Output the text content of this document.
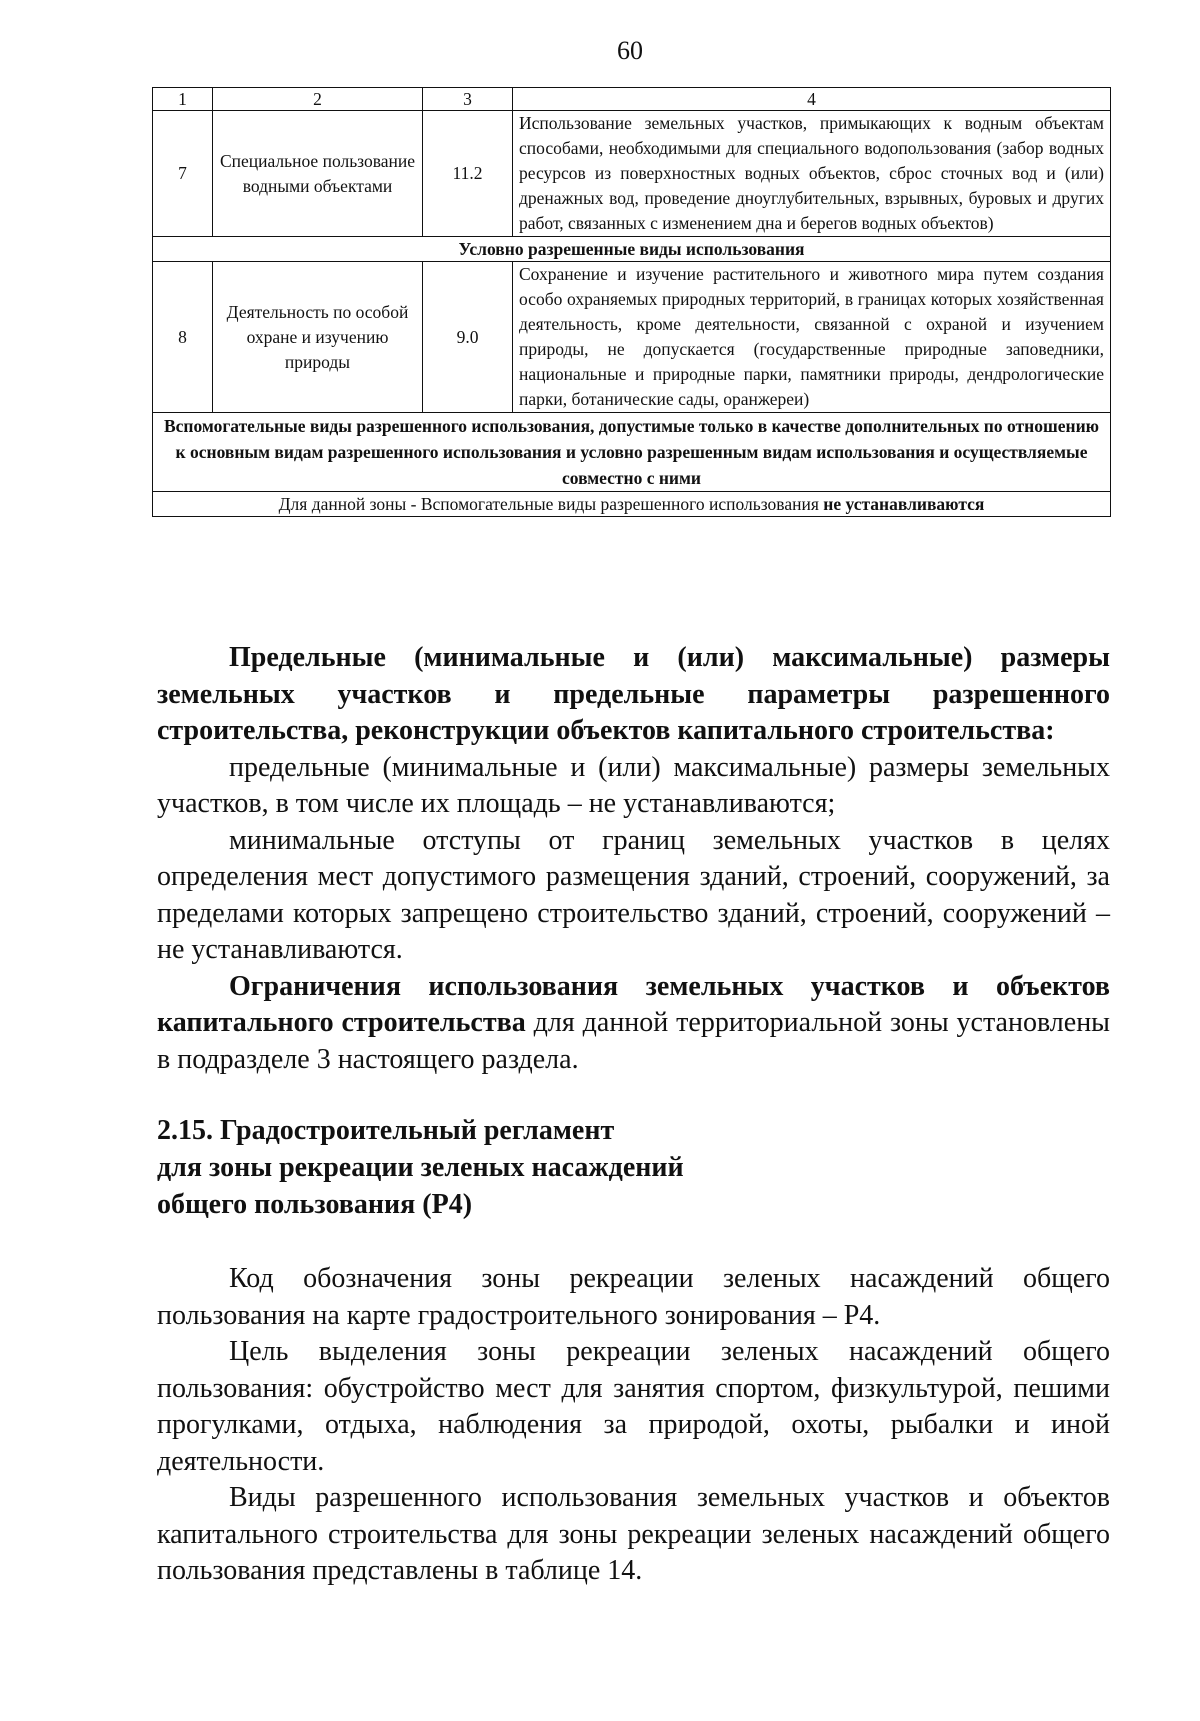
60
1	2	3	4
7	Специальное пользование водными объектами	11.2	Использование земельных участков, примыкающих к водным объектам способами, необходимыми для специального водопользования (забор водных ресурсов из поверхностных водных объектов, сброс сточных вод и (или) дренажных вод, проведение дноуглубительных, взрывных, буровых и других работ, связанных с изменением дна и берегов водных объектов)
Условно разрешенные виды использования			
8	Деятельность по особой охране и изучению природы	9.0	Сохранение и изучение растительного и животного мира путем создания особо охраняемых природных территорий, в границах которых хозяйственная деятельность, кроме деятельности, связанной с охраной и изучением природы, не допускается (государственные природные заповедники, национальные и природные парки, памятники природы, дендрологические парки, ботанические сады, оранжереи)
Вспомогательные виды разрешенного использования, допустимые только в качестве дополнительных по отношению к основным видам разрешенного использования и условно разрешенным видам использования и осуществляемые совместно с ними			
Для данной зоны - Вспомогательные виды разрешенного использования не устанавливаются			

Предельные (минимальные и (или) максимальные) размеры земельных участков и предельные параметры разрешенного строительства, реконструкции объектов капитального строительства:

предельные (минимальные и (или) максимальные) размеры земельных участков, в том числе их площадь – не устанавливаются;

минимальные отступы от границ земельных участков в целях определения мест допустимого размещения зданий, строений, сооружений, за пределами которых запрещено строительство зданий, строений, сооружений – не устанавливаются.

Ограничения использования земельных участков и объектов капитального строительства для данной территориальной зоны установлены в подразделе 3 настоящего раздела.

2.15. Градостроительный регламент
для зоны рекреации зеленых насаждений
общего пользования (Р4)

Код обозначения зоны рекреации зеленых насаждений общего пользования на карте градостроительного зонирования – Р4.

Цель выделения зоны рекреации зеленых насаждений общего пользования: обустройство мест для занятия спортом, физкультурой, пешими прогулками, отдыха, наблюдения за природой, охоты, рыбалки и иной деятельности.

Виды разрешенного использования земельных участков и объектов капитального строительства для зоны рекреации зеленых насаждений общего пользования представлены в таблице 14.
